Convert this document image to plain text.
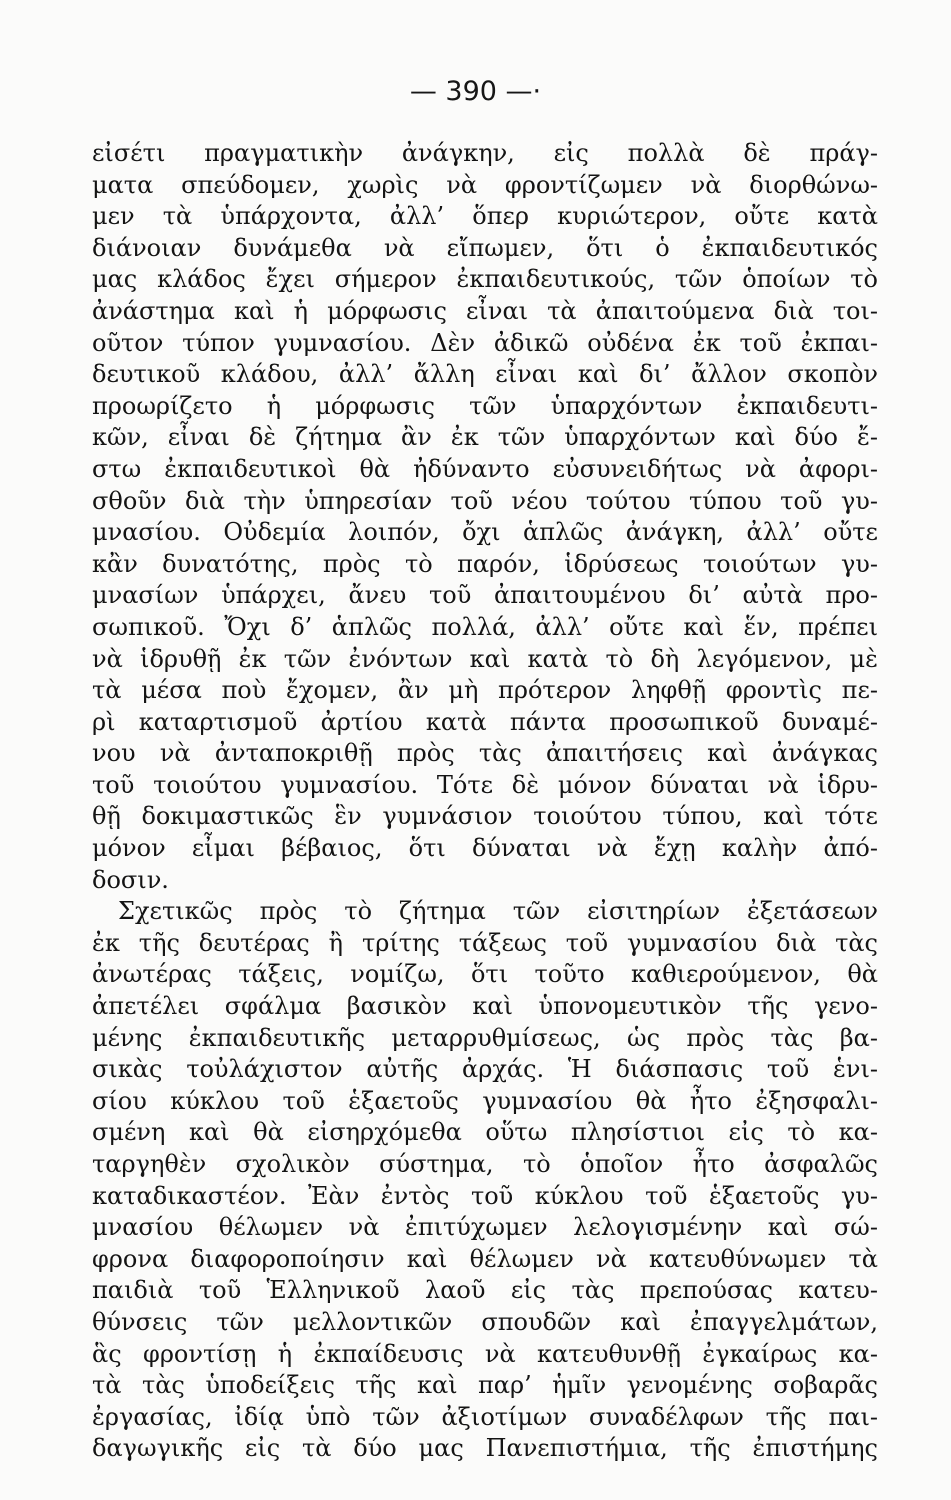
— 390 —·
εἰσέτι πραγματικὴν ἀνάγκην, εἰς πολλὰ δὲ πράγ-
ματα σπεύδομεν, χωρὶς νὰ φροντίζωμεν νὰ διορθώνω-
μεν τὰ ὑπάρχοντα, ἀλλ’ ὅπερ κυριώτερον, οὔτε κατὰ
διάνοιαν δυνάμεθα νὰ εἴπωμεν, ὅτι ὁ ἐκπαιδευτικός
μας κλάδος ἔχει σήμερον ἐκπαιδευτικούς, τῶν ὁποίων τὸ
ἀνάστημα καὶ ἡ μόρφωσις εἶναι τὰ ἀπαιτούμενα διὰ τοι-
οῦτον τύπον γυμνασίου. Δὲν ἀδικῶ οὐδένα ἐκ τοῦ ἐκπαι-
δευτικοῦ κλάδου, ἀλλ’ ἄλλη εἶναι καὶ δι’ ἄλλον σκοπὸν
προωρίζετο ἡ μόρφωσις τῶν ὑπαρχόντων ἐκπαιδευτι-
κῶν, εἶναι δὲ ζήτημα ἂν ἐκ τῶν ὑπαρχόντων καὶ δύο ἔ-
στω ἐκπαιδευτικοὶ θὰ ἠδύναντο εὐσυνειδήτως νὰ ἀφορι-
σθοῦν διὰ τὴν ὑπηρεσίαν τοῦ νέου τούτου τύπου τοῦ γυ-
μνασίου. Οὐδεμία λοιπόν, ὄχι ἁπλῶς ἀνάγκη, ἀλλ’ οὔτε
κἂν δυνατότης, πρὸς τὸ παρόν, ἱδρύσεως τοιούτων γυ-
μνασίων ὑπάρχει, ἄνευ τοῦ ἀπαιτουμένου δι’ αὐτὰ προ-
σωπικοῦ. Ὄχι δ’ ἁπλῶς πολλά, ἀλλ’ οὔτε καὶ ἕν, πρέπει
νὰ ἱδρυθῇ ἐκ τῶν ἐνόντων καὶ κατὰ τὸ δὴ λεγόμενον, μὲ
τὰ μέσα ποὺ ἔχομεν, ἂν μὴ πρότερον ληφθῇ φροντὶς πε-
ρὶ καταρτισμοῦ ἀρτίου κατὰ πάντα προσωπικοῦ δυναμέ-
νου νὰ ἀνταποκριθῇ πρὸς τὰς ἀπαιτήσεις καὶ ἀνάγκας
τοῦ τοιούτου γυμνασίου. Τότε δὲ μόνον δύναται νὰ ἱδρυ-
θῇ δοκιμαστικῶς ἓν γυμνάσιον τοιούτου τύπου, καὶ τότε
μόνον εἶμαι βέβαιος, ὅτι δύναται νὰ ἔχῃ καλὴν ἀπό-
δοσιν.
Σχετικῶς πρὸς τὸ ζήτημα τῶν εἰσιτηρίων ἐξετάσεων
ἐκ τῆς δευτέρας ἢ τρίτης τάξεως τοῦ γυμνασίου διὰ τὰς
ἀνωτέρας τάξεις, νομίζω, ὅτι τοῦτο καθιερούμενον, θὰ
ἀπετέλει σφάλμα βασικὸν καὶ ὑπονομευτικὸν τῆς γενο-
μένης ἐκπαιδευτικῆς μεταρρυθμίσεως, ὡς πρὸς τὰς βα-
σικὰς τοὐλάχιστον αὐτῆς ἀρχάς. Ἡ διάσπασις τοῦ ἑνι-
σίου κύκλου τοῦ ἑξαετοῦς γυμνασίου θὰ ἦτο ἐξησφαλι-
σμένη καὶ θὰ εἰσηρχόμεθα οὕτω πλησίστιοι εἰς τὸ κα-
ταργηθὲν σχολικὸν σύστημα, τὸ ὁποῖον ἦτο ἀσφαλῶς
καταδικαστέον. Ἐὰν ἐντὸς τοῦ κύκλου τοῦ ἑξαετοῦς γυ-
μνασίου θέλωμεν νὰ ἐπιτύχωμεν λελογισμένην καὶ σώ-
φρονα διαφοροποίησιν καὶ θέλωμεν νὰ κατευθύνωμεν τὰ
παιδιὰ τοῦ Ἑλληνικοῦ λαοῦ εἰς τὰς πρεπούσας κατευ-
θύνσεις τῶν μελλοντικῶν σπουδῶν καὶ ἐπαγγελμάτων,
ἃς φροντίσῃ ἡ ἐκπαίδευσις νὰ κατευθυνθῇ ἐγκαίρως κα-
τὰ τὰς ὑποδείξεις τῆς καὶ παρ’ ἡμῖν γενομένης σοβαρᾶς
ἐργασίας, ἰδίᾳ ὑπὸ τῶν ἀξιοτίμων συναδέλφων τῆς παι-
δαγωγικῆς εἰς τὰ δύο μας Πανεπιστήμια, τῆς ἐπιστήμης
